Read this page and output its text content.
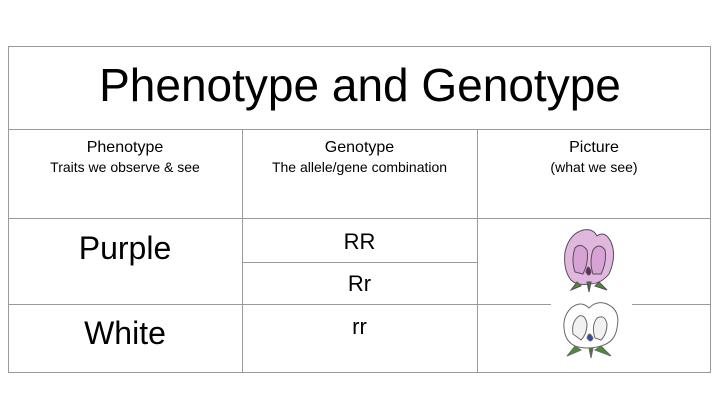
Phenotype and Genotype
Phenotype
Traits we observe & see
Genotype
The allele/gene combination
Picture
(what we see)
Purple	RR
Rr
White	rr
